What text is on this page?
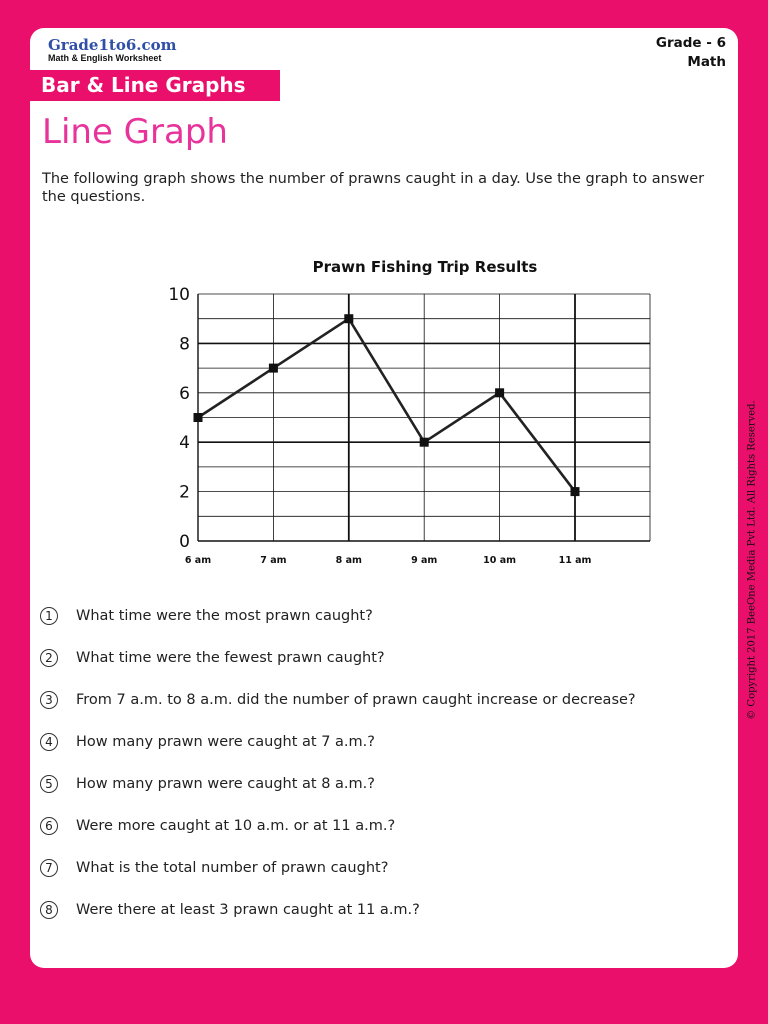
Grade1to6.com
Math & English Worksheet
Grade - 6
Math
Bar & Line Graphs
Line Graph
The following graph shows the number of prawns caught in a day. Use the graph to answer the questions.
Prawn Fishing Trip Results
0
2
4
6
8
10
6 am	7 am	8 am	9 am	10 am	11 am
1	What time were the most prawn caught?
2	What time were the fewest prawn caught?
3	From 7 a.m. to 8 a.m. did the number of prawn caught increase or decrease?
4	How many prawn were caught at 7 a.m.?
5	How many prawn were caught at 8 a.m.?
6	Were more caught at 10 a.m. or at 11 a.m.?
7	What is the total number of prawn caught?
8	Were there at least 3 prawn caught at 11 a.m.?
© Copyright 2017 BeeOne Media Pvt Ltd. All Rights Reserved.
